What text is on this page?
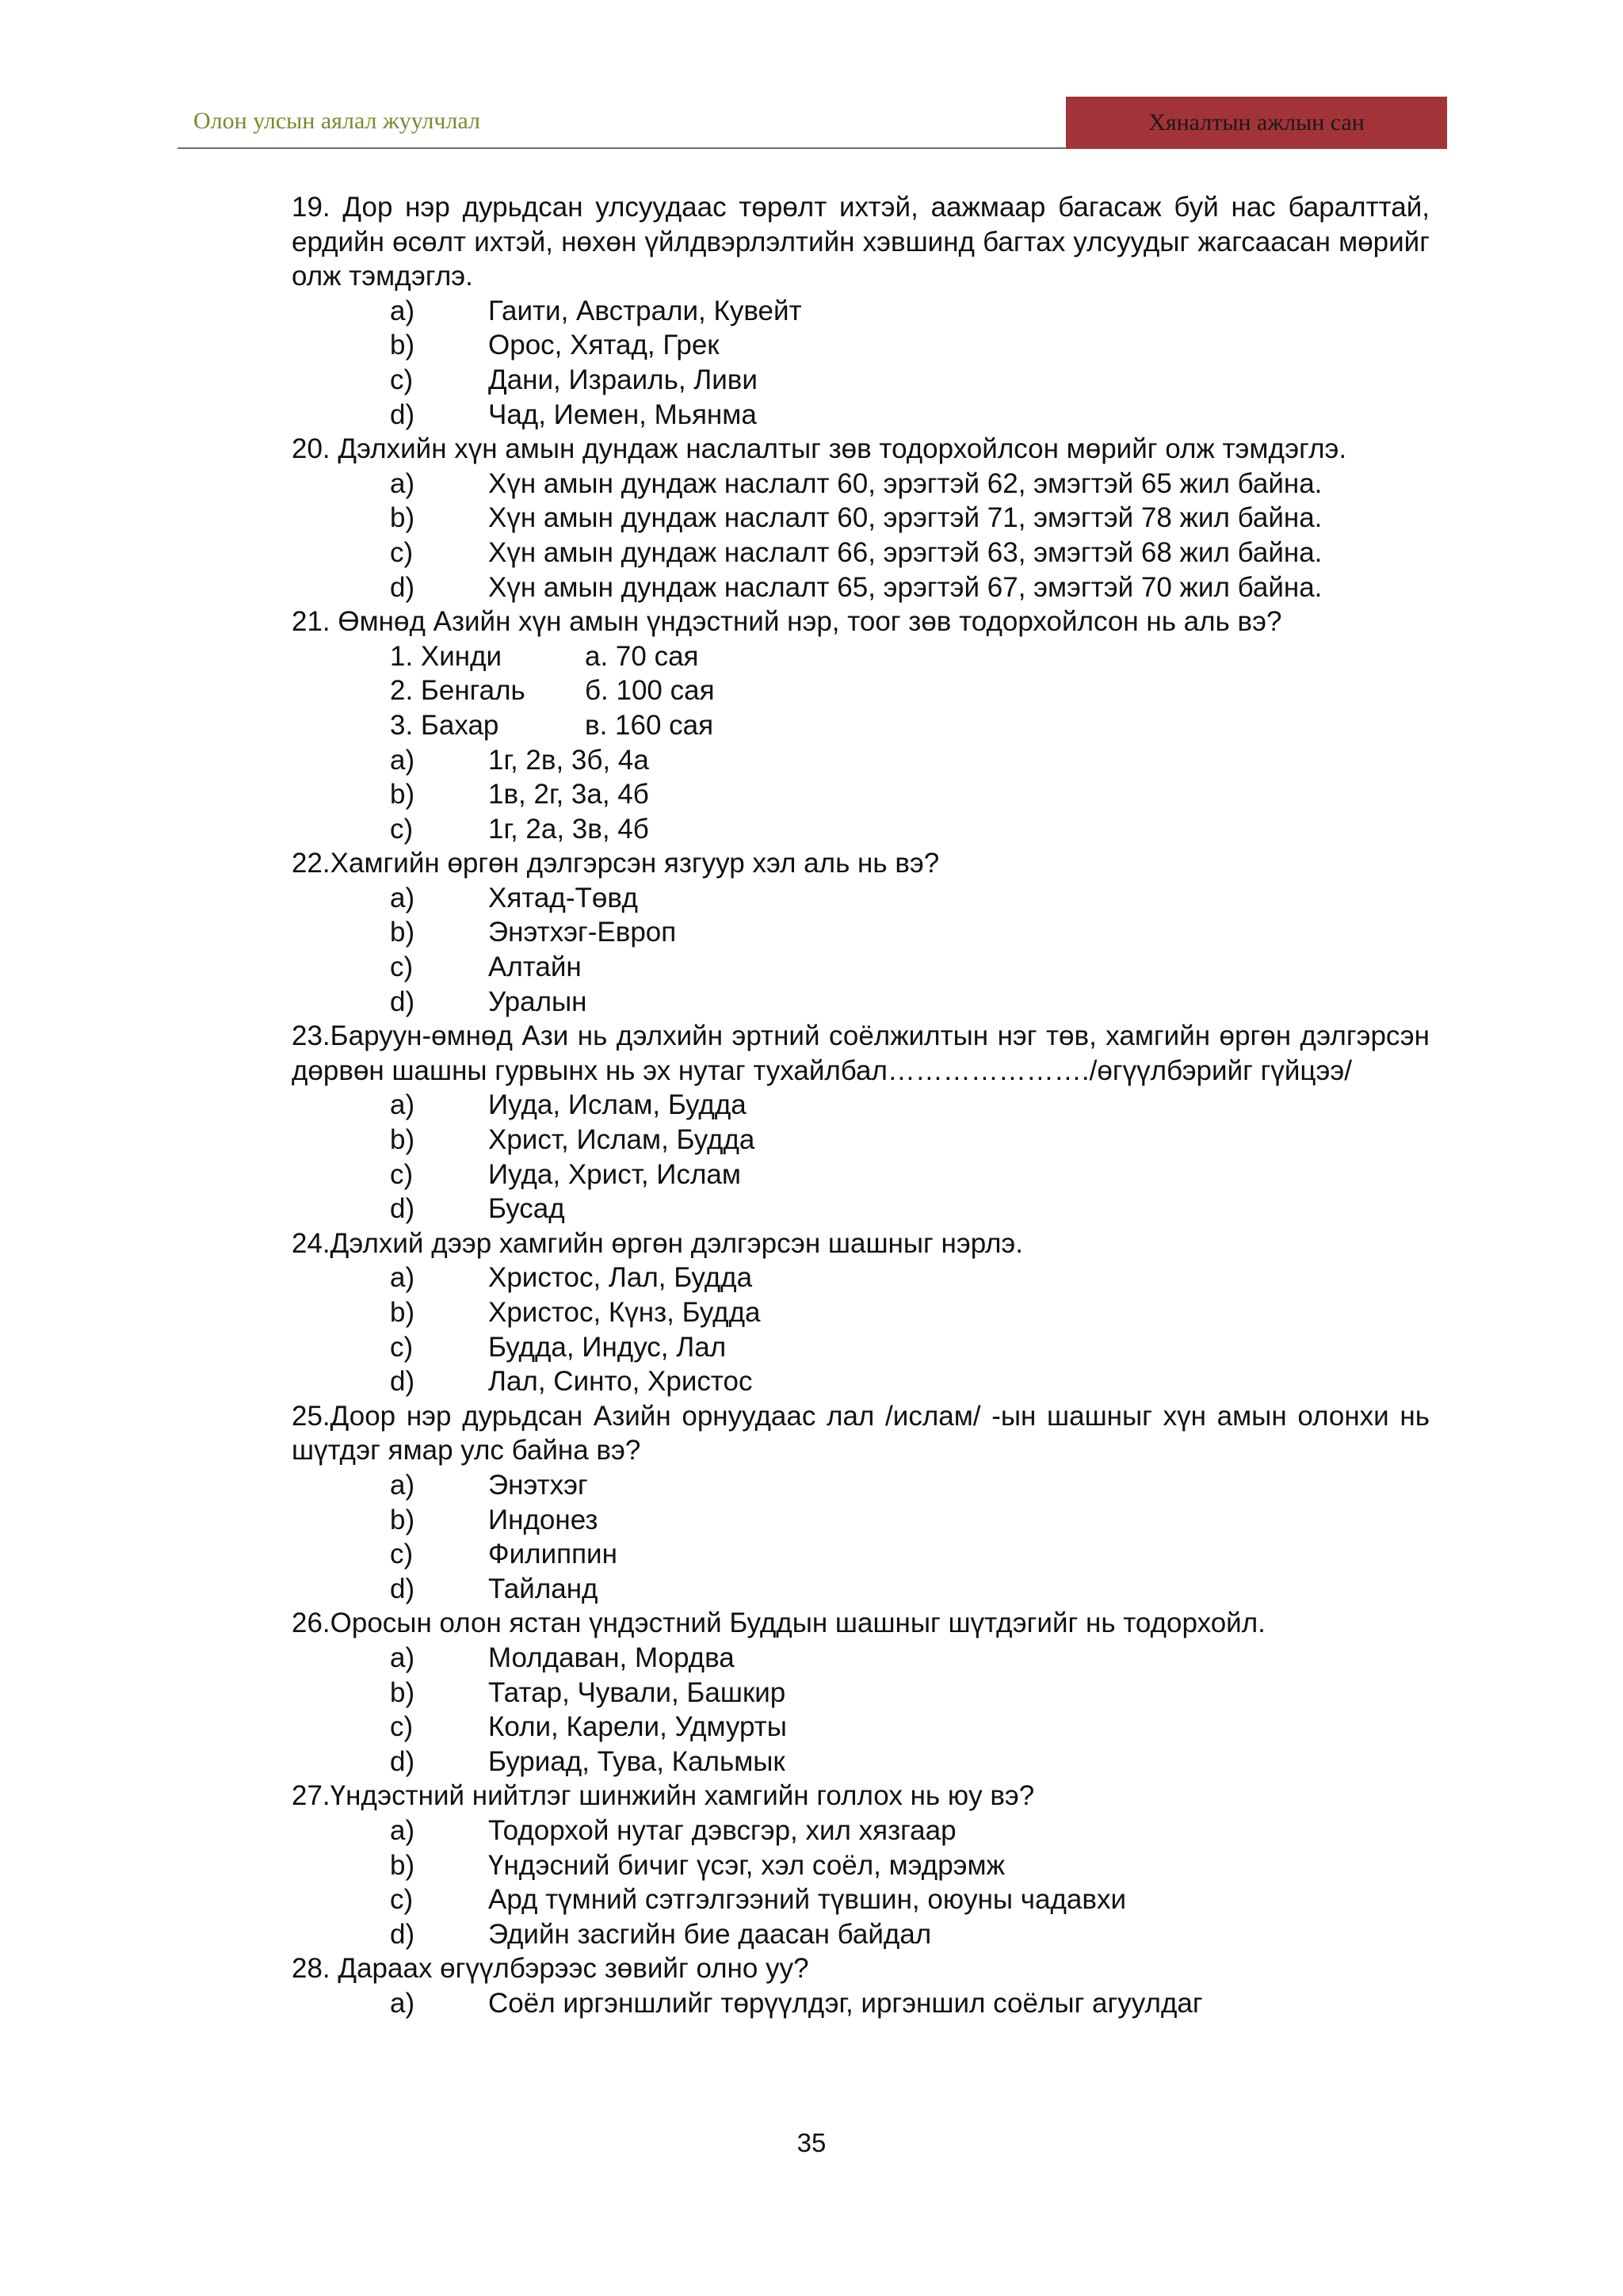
Олон улсын аялал жуулчлал	Хяналтын ажлын сан
19. Дор нэр дурьдсан улсуудаас төрөлт ихтэй, аажмаар багасаж буй нас баралттай, ердийн өсөлт ихтэй, нөхөн үйлдвэрлэлтийн хэвшинд багтах улсуудыг жагсаасан мөрийг олж тэмдэглэ.
a)	Гаити, Австрали, Кувейт
b)	Орос, Хятад, Грек
c)	Дани, Израиль, Ливи
d)	Чад, Иемен, Мьянма
20. Дэлхийн хүн амын дундаж наслалтыг зөв тодорхойлсон мөрийг олж тэмдэглэ.
a)	Хүн амын дундаж наслалт 60, эрэгтэй 62, эмэгтэй 65 жил байна.
b)	Хүн амын дундаж наслалт 60, эрэгтэй 71, эмэгтэй 78 жил байна.
c)	Хүн амын дундаж наслалт 66, эрэгтэй 63, эмэгтэй 68 жил байна.
d)	Хүн амын дундаж наслалт 65, эрэгтэй 67, эмэгтэй 70 жил байна.
21. Өмнөд Азийн хүн амын үндэстний нэр, тоог зөв тодорхойлсон нь аль вэ?
1. Хинди	а. 70 сая
2. Бенгаль	б. 100 сая
3. Бахар	в. 160 сая
a)	1г, 2в, 3б, 4а
b)	1в, 2г, 3а, 4б
c)	1г, 2а, 3в, 4б
22.Хамгийн өргөн дэлгэрсэн язгуур хэл аль нь вэ?
a)	Хятад-Төвд
b)	Энэтхэг-Европ
c)	Алтайн
d)	Уралын
23.Баруун-өмнөд Ази нь дэлхийн эртний соёлжилтын нэг төв, хамгийн өргөн дэлгэрсэн дөрвөн шашны гурвынх нь эх нутаг тухайлбал…………………./өгүүлбэрийг гүйцээ/
a)	Иуда, Ислам, Будда
b)	Христ, Ислам, Будда
c)	Иуда, Христ, Ислам
d)	Бусад
24.Дэлхий дээр хамгийн өргөн дэлгэрсэн шашныг нэрлэ.
a)	Христос, Лал, Будда
b)	Христос, Күнз, Будда
c)	Будда, Индус, Лал
d)	Лал, Синто, Христос
25.Доор нэр дурьдсан Азийн орнуудаас лал /ислам/ -ын шашныг хүн амын олонхи нь шүтдэг ямар улс байна вэ?
a)	Энэтхэг
b)	Индонез
c)	Филиппин
d)	Тайланд
26.Оросын олон ястан үндэстний Буддын шашныг шүтдэгийг нь тодорхойл.
a)	Молдаван, Мордва
b)	Татар, Чували, Башкир
c)	Коли, Карели, Удмурты
d)	Буриад, Тува, Кальмык
27.Үндэстний нийтлэг шинжийн хамгийн голлох нь юу вэ?
a)	Тодорхой нутаг дэвсгэр, хил хязгаар
b)	Үндэсний бичиг үсэг, хэл соёл, мэдрэмж
c)	Ард түмний сэтгэлгээний түвшин, оюуны чадавхи
d)	Эдийн засгийн бие даасан байдал
28. Дараах өгүүлбэрээс зөвийг олно уу?
a)	Соёл иргэншлийг төрүүлдэг, иргэншил соёлыг агуулдаг
35
